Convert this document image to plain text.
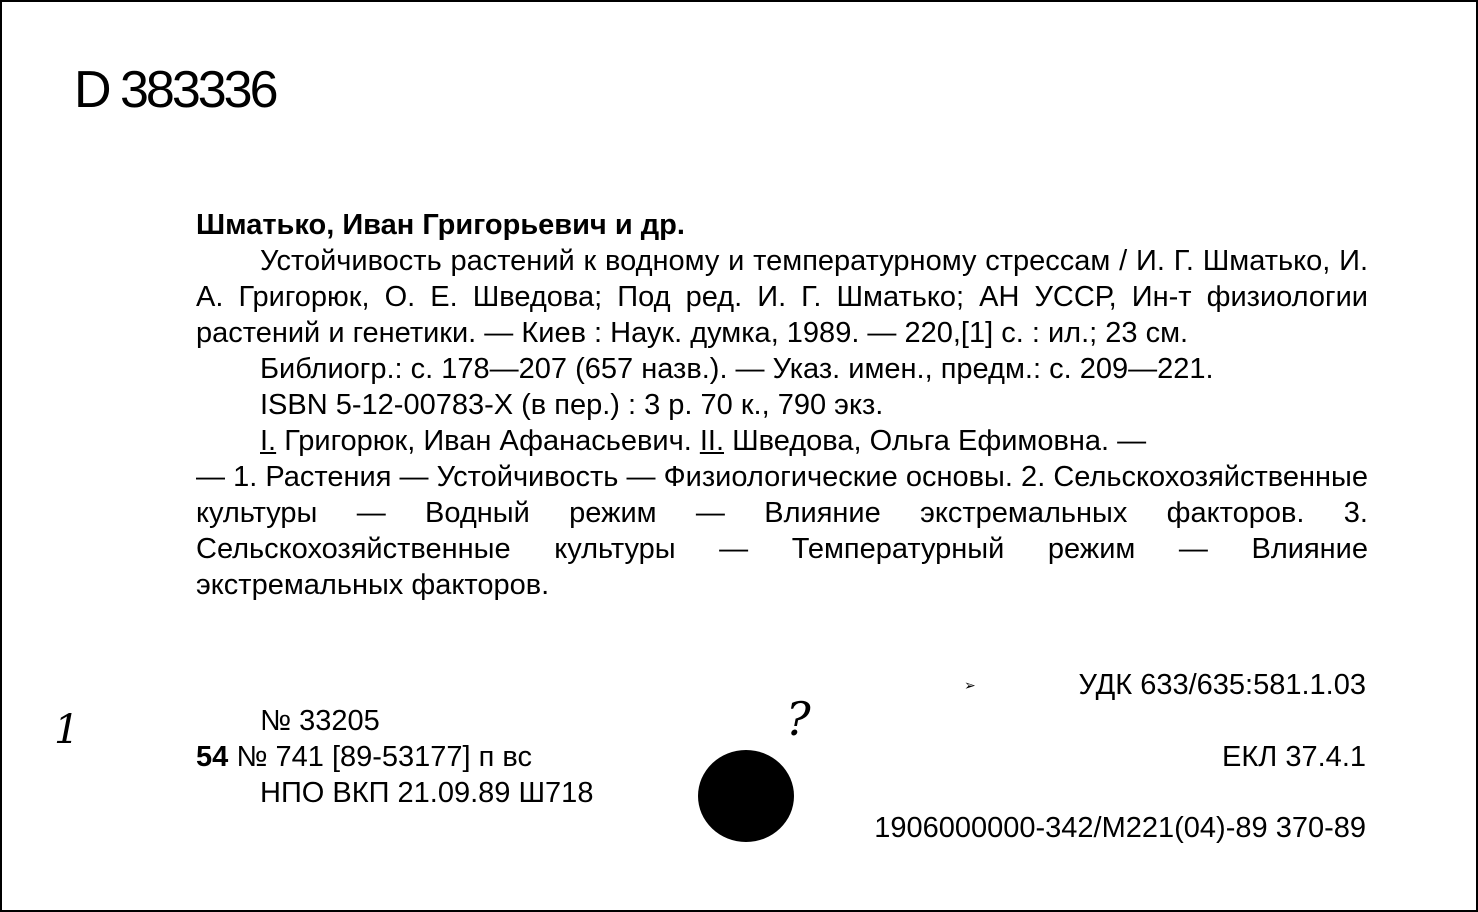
D 383336

Шматько, Иван Григорьевич и др.

Устойчивость растений к водному и температурному стрессам / И. Г. Шматько, И. А. Григорюк, О. Е. Шведова; Под ред. И. Г. Шматько; АН УССР, Ин-т физиологии растений и генетики. — Киев : Наук. думка, 1989. — 220,[1] с. : ил.; 23 см.

Библиогр.: с. 178—207 (657 назв.). — Указ. имен., предм.: с. 209—221.

ISBN 5-12-00783-X (в пер.) : 3 р. 70 к., 790 экз.

I. Григорюк, Иван Афанасьевич. II. Шведова, Ольга Ефимовна. —

— 1. Растения — Устойчивость — Физиологические основы. 2. Сельскохозяйственные культуры — Водный режим — Влияние экстремальных факторов. 3. Сельскохозяйственные культуры — Температурный режим — Влияние экстремальных факторов.

➢	УДК 633/635:581.1.03
№ 33205
54 № 741 [89-53177] п вс
НПО ВКП 21.09.89 Ш718
ЕКЛ 37.4.1
1906000000-342/М221(04)-89 370-89
?
1
